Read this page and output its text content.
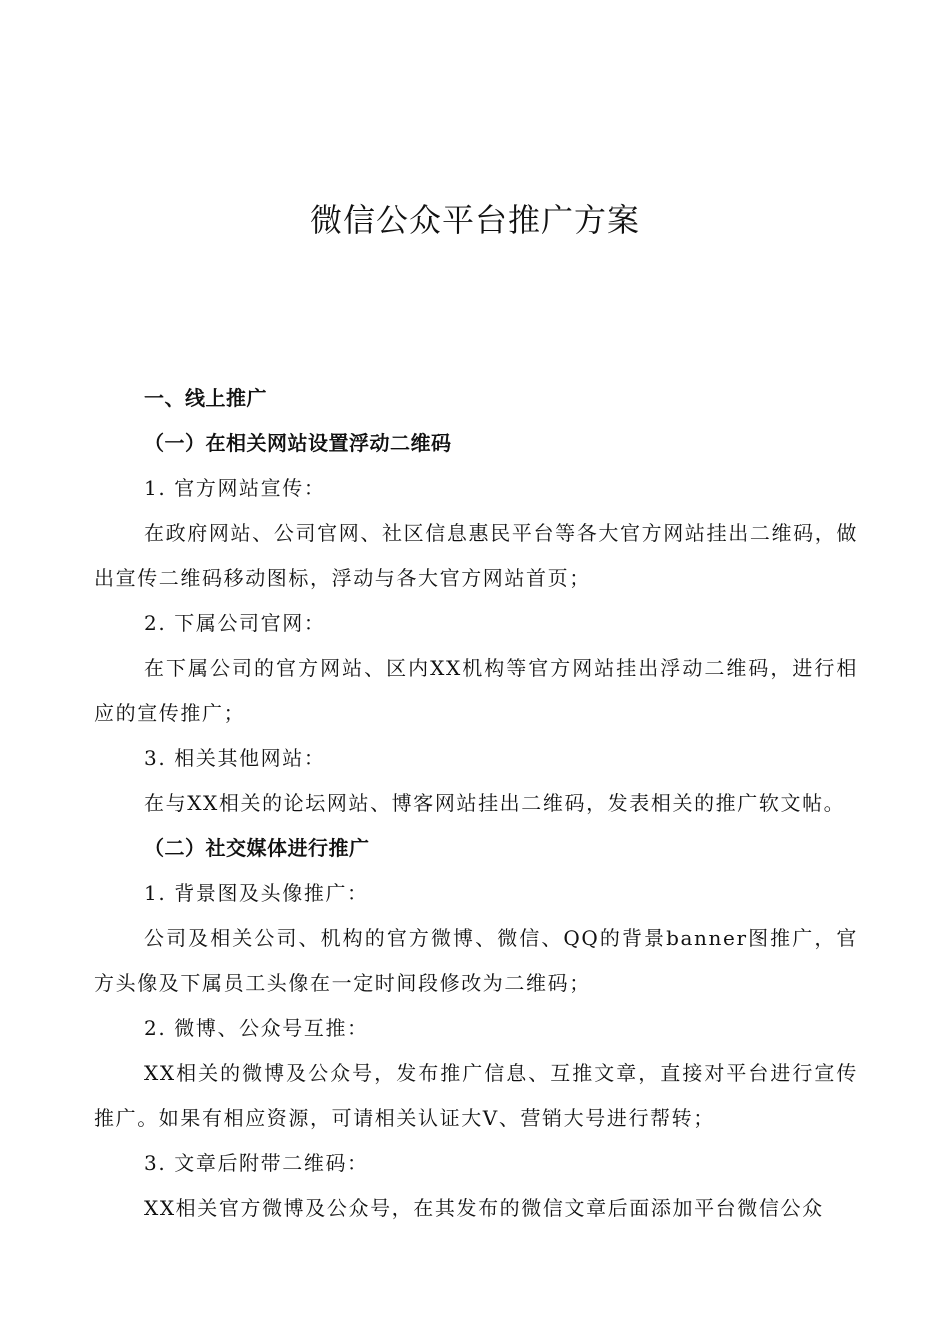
微信公众平台推广方案
一、线上推广
（一）在相关网站设置浮动二维码
1. 官方网站宣传：
在政府网站、公司官网、社区信息惠民平台等各大官方网站挂出二维码，做出宣传二维码移动图标，浮动与各大官方网站首页；
2. 下属公司官网：
在下属公司的官方网站、区内XX机构等官方网站挂出浮动二维码，进行相应的宣传推广；
3. 相关其他网站：
在与XX相关的论坛网站、博客网站挂出二维码，发表相关的推广软文帖。
（二）社交媒体进行推广
1. 背景图及头像推广：
公司及相关公司、机构的官方微博、微信、QQ的背景banner图推广，官方头像及下属员工头像在一定时间段修改为二维码；
2. 微博、公众号互推：
XX相关的微博及公众号，发布推广信息、互推文章，直接对平台进行宣传推广。如果有相应资源，可请相关认证大V、营销大号进行帮转；
3. 文章后附带二维码：
XX相关官方微博及公众号，在其发布的微信文章后面添加平台微信公众
